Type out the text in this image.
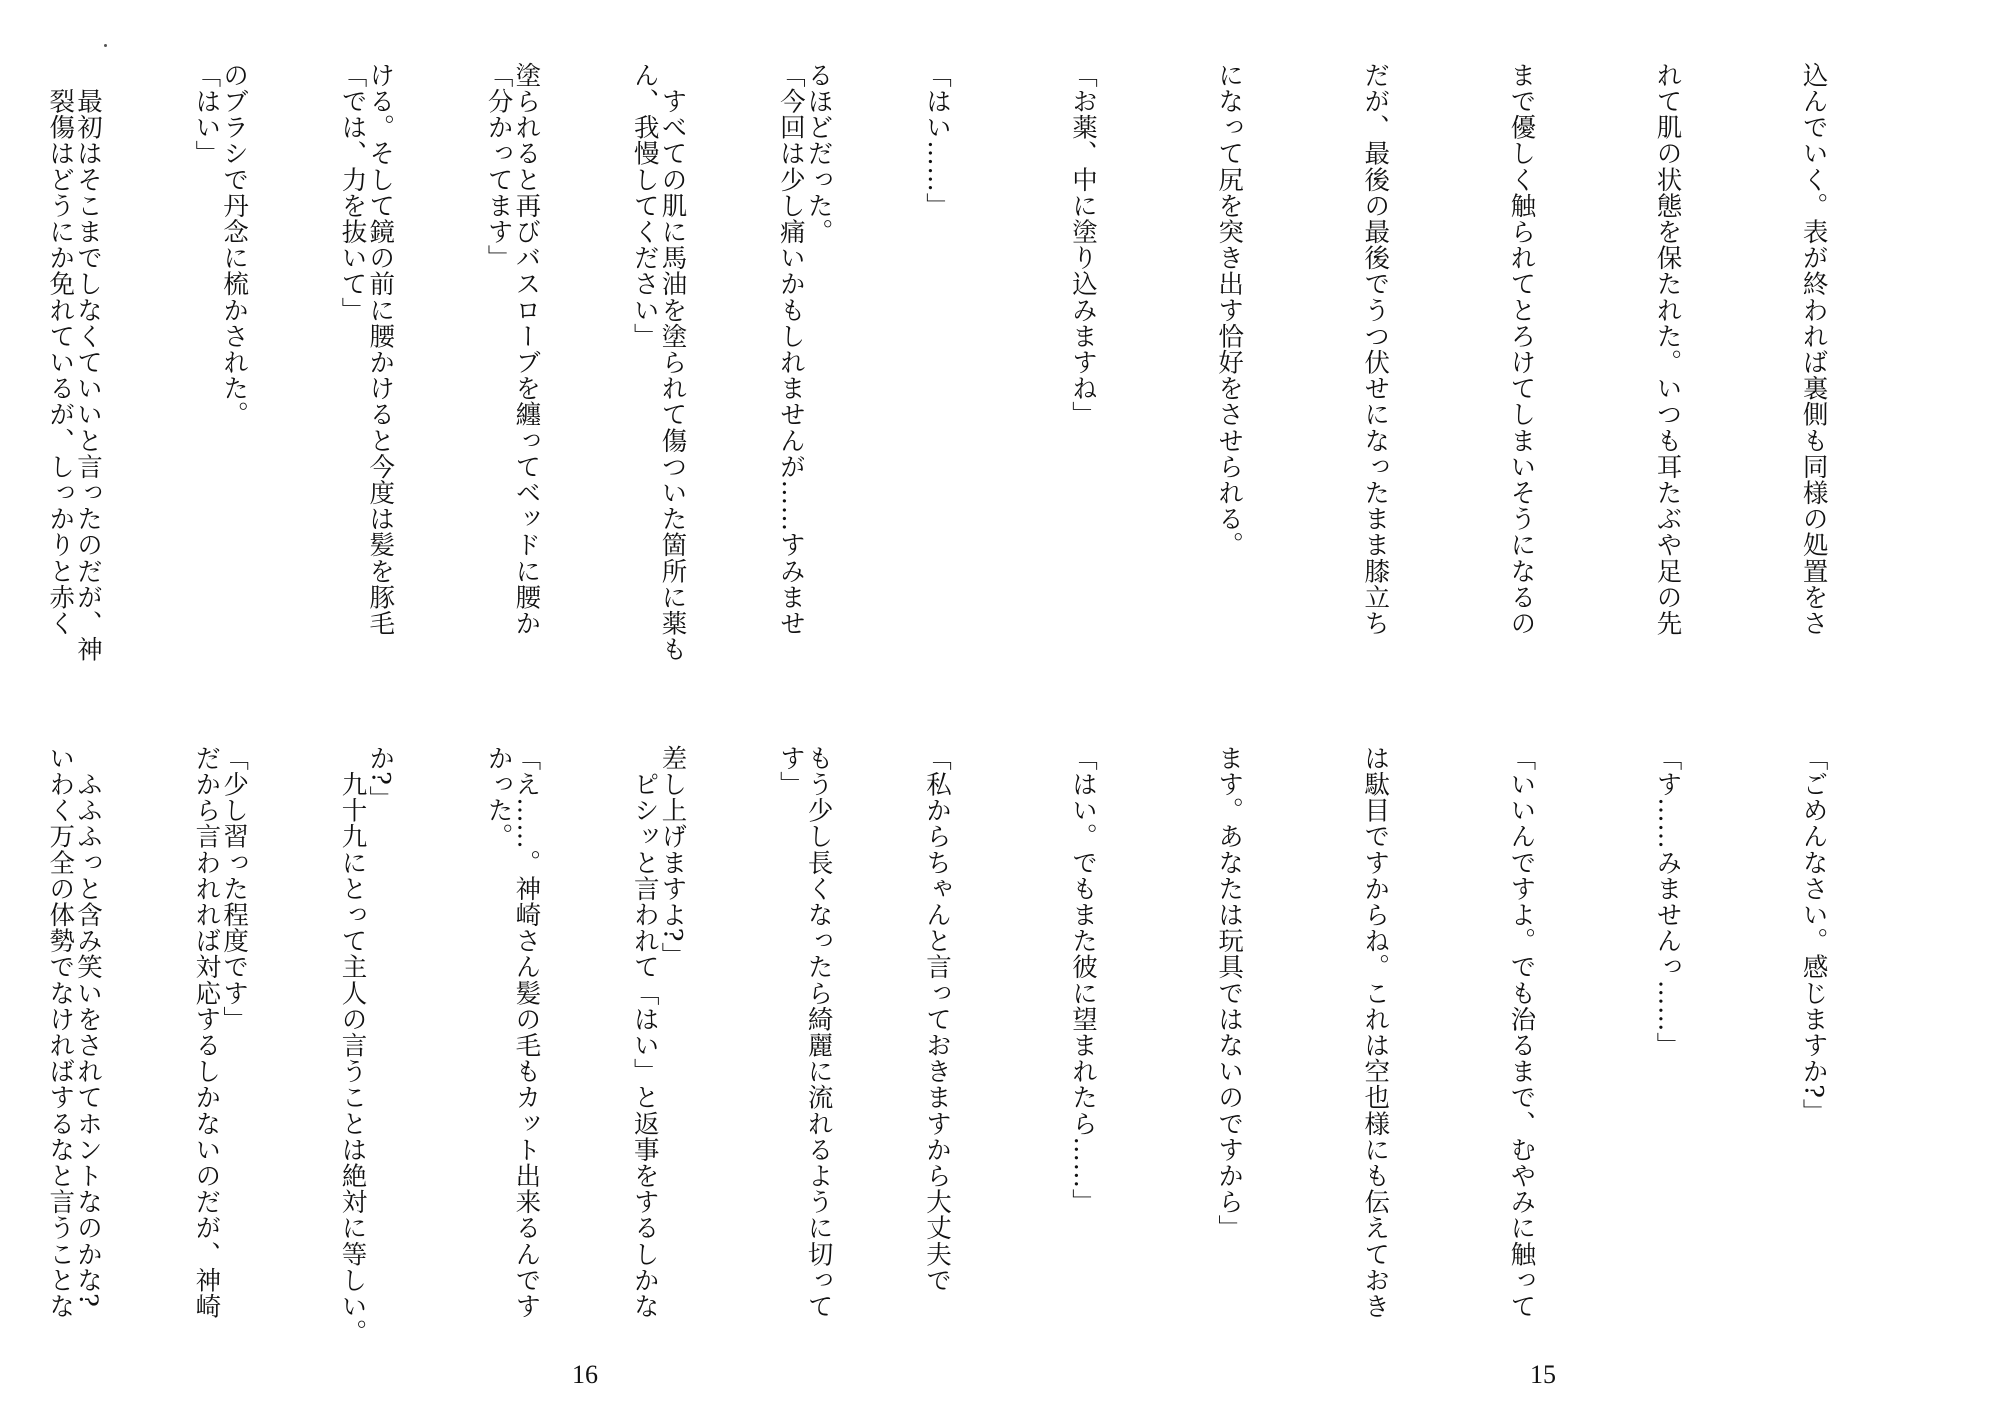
込んでいく。表が終われば裏側も同様の処置をさ

れて肌の状態を保たれた。いつも耳たぶや足の先

まで優しく触られてとろけてしまいそうになるの

だが、最後の最後でうつ伏せになったまま膝立ち

になって尻を突き出す恰好をさせられる。

「お薬、中に塗り込みますね」

「はい……」

「今回は少し痛いかもしれませんが……すみませ

ん、我慢してください」

「分かってます」

「では、力を抜いて」

「はい」

　裂傷はどうにか免れているが、しっかりと赤く

「ごめんなさい。感じますか?」

「す……みませんっ……」

「いいんですよ。でも治るまで、むやみに触って

は駄目ですからね。これは空也様にも伝えておき

ます。あなたは玩具ではないのですから」

「はい。でもまた彼に望まれたら……」

「私からちゃんと言っておきますから大丈夫で

す」

　ピシッと言われて「はい」と返事をするしかな

かった。

　九十九にとって主人の言うことは絶対に等しい。

だから言われれば対応するしかないのだが、神崎

いわく万全の体勢でなければするなと言うことな

15

るほどだった。

　すべての肌に馬油を塗られて傷ついた箇所に薬も

塗られると再びバスローブを纏ってベッドに腰か

ける。そして鏡の前に腰かけると今度は髪を豚毛

のブラシで丹念に梳かされた。

　最初はそこまでしなくていいと言ったのだが、神

もう少し長くなったら綺麗に流れるように切って

差し上げますよ?」

「え……。神崎さん髪の毛もカット出来るんです

か?」

「少し習った程度です」

　ふふふっと含み笑いをされてホントなのかな?

16
